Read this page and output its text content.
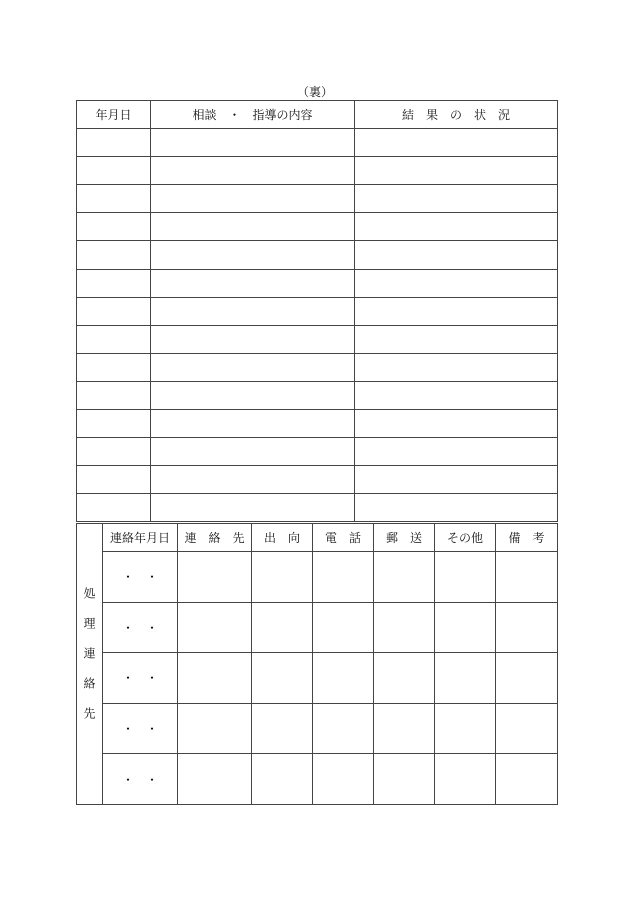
（裏）
年月日	相談　・　指導の内容	結　果　の　状　況

処理連絡先	連絡年月日	連　絡　先	出　向	電　話	郵　送	その他	備　考
	・　・						
	・　・						
	・　・						
	・　・						
	・　・						
